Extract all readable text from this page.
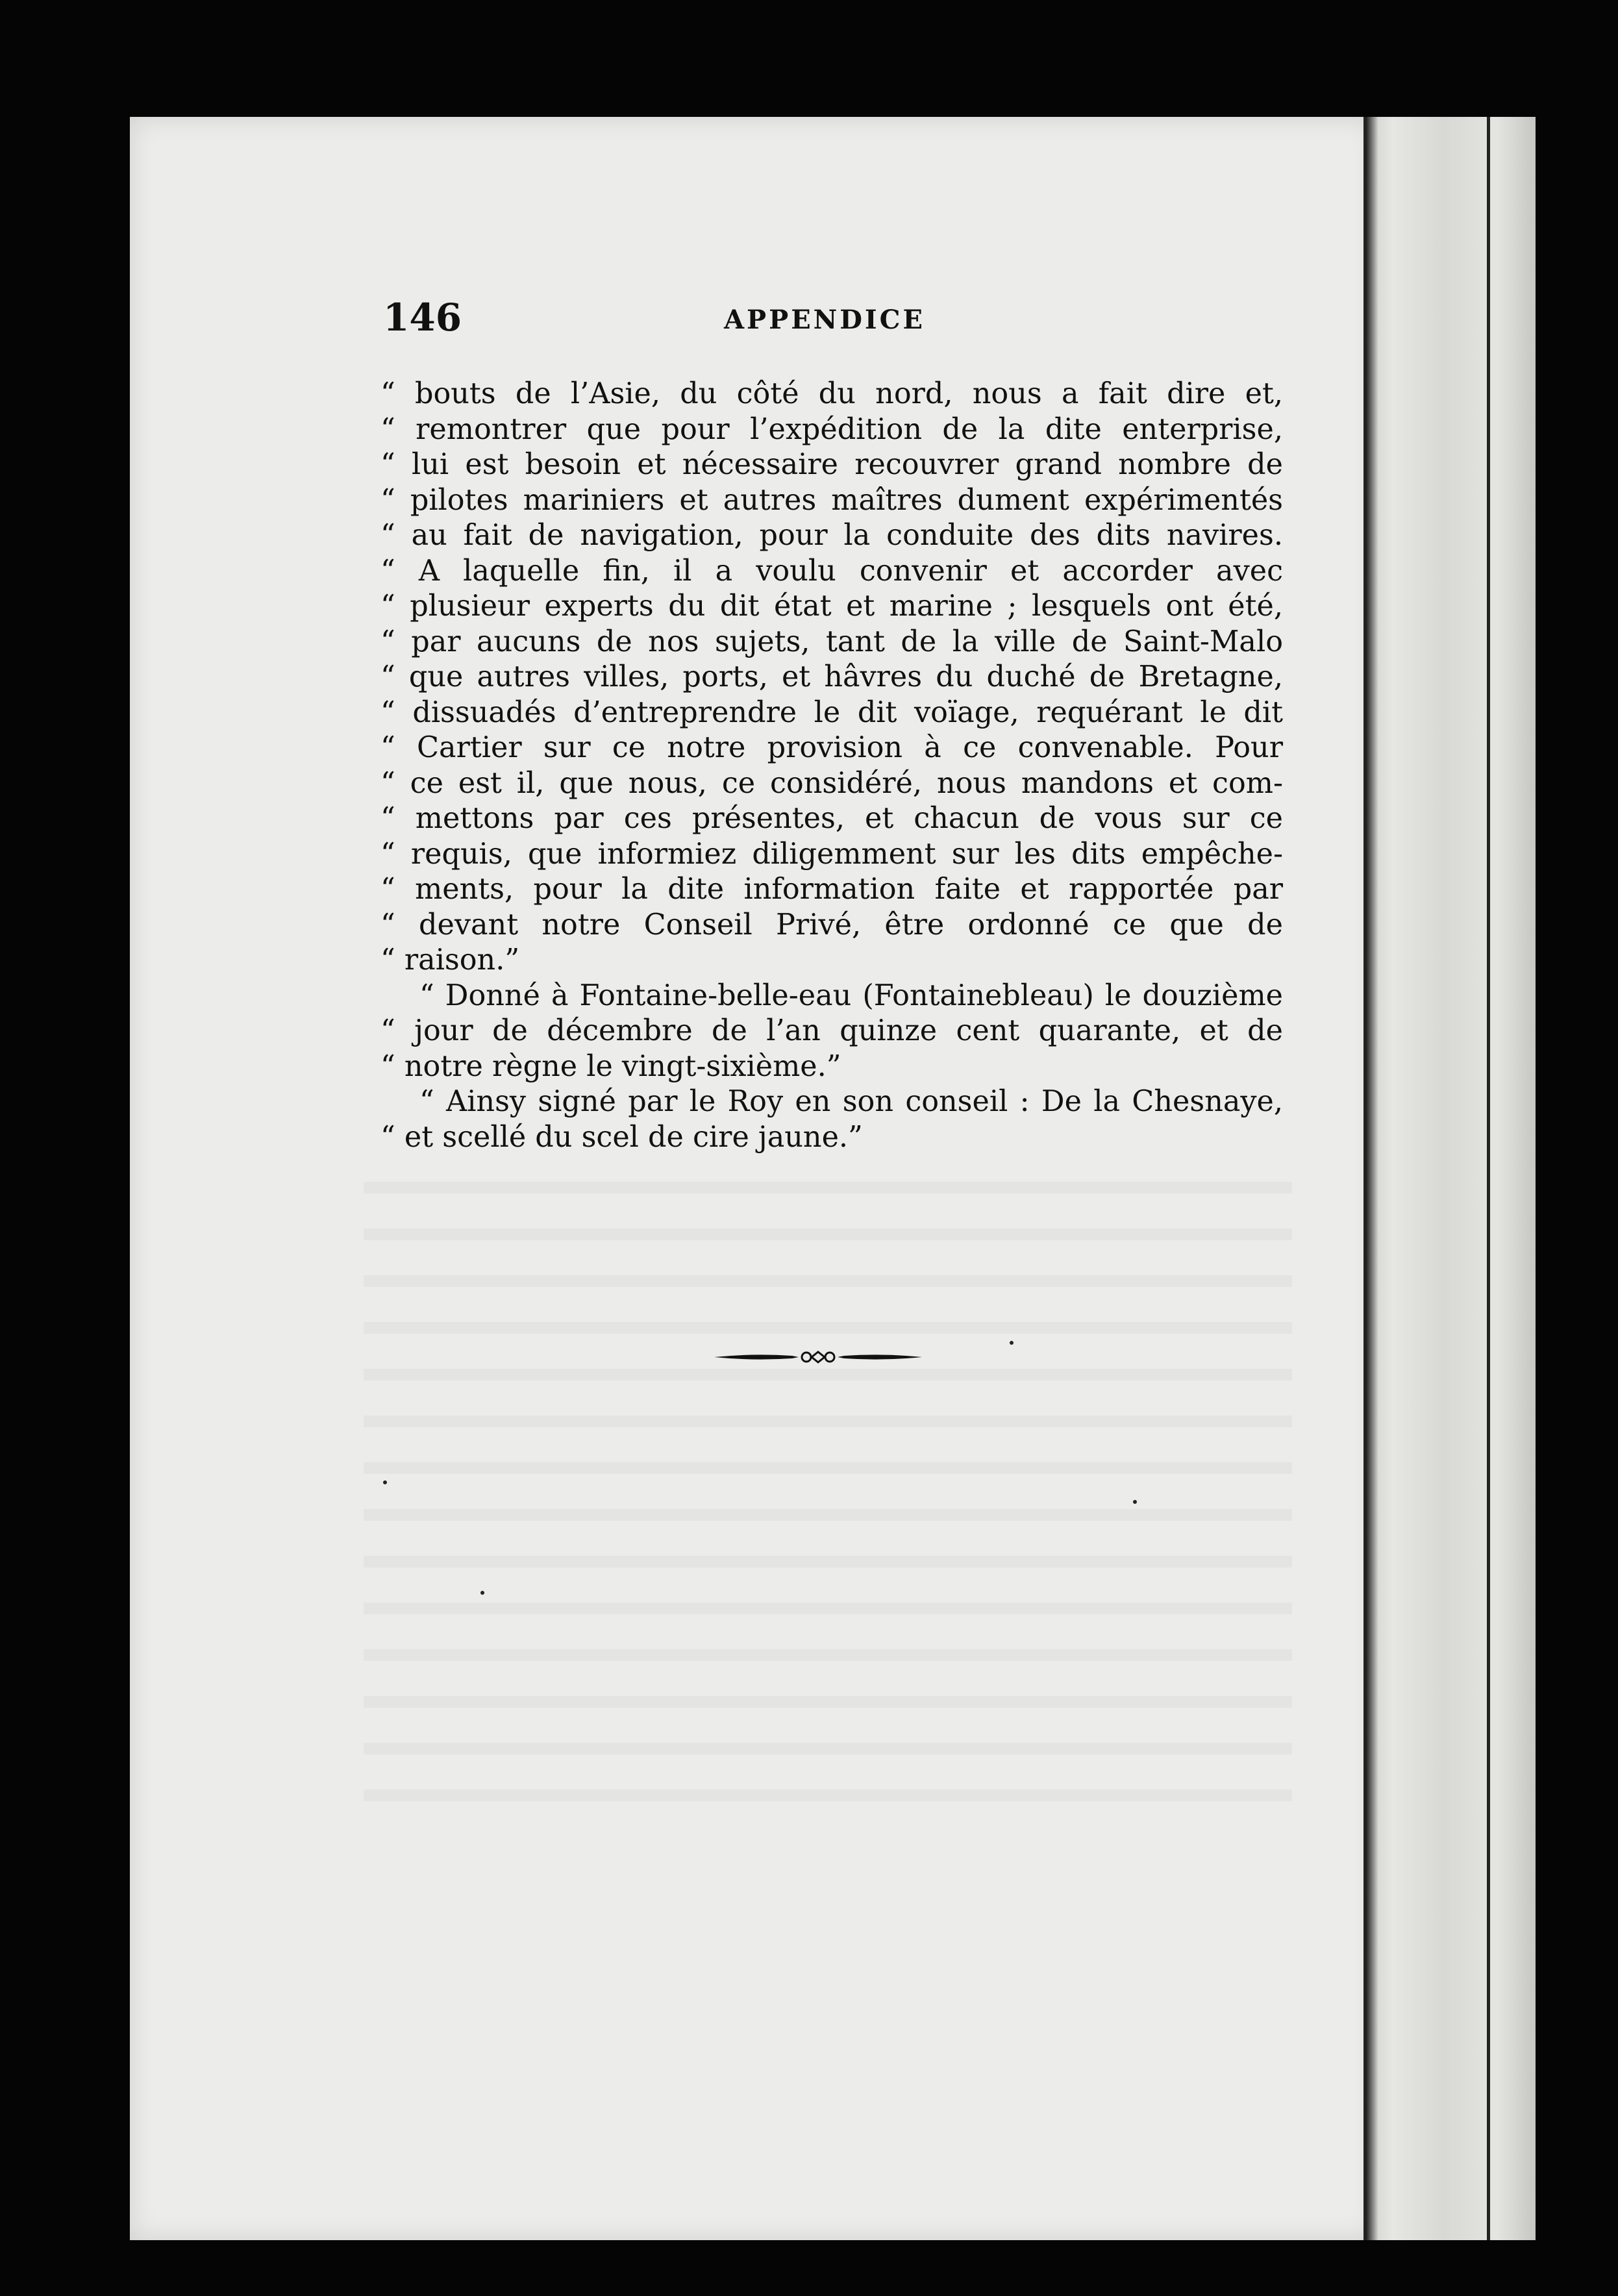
146	APPENDICE
“ bouts de l’Asie, du côté du nord, nous a fait dire et,
“ remontrer que pour l’expédition de la dite enterprise,
“ lui est besoin et nécessaire recouvrer grand nombre de
“ pilotes mariniers et autres maîtres dument expérimentés
“ au fait de navigation, pour la conduite des dits navires.
“ A laquelle fin, il a voulu convenir et accorder avec
“ plusieur experts du dit état et marine ; lesquels ont été,
“ par aucuns de nos sujets, tant de la ville de Saint-Malo
“ que autres villes, ports, et hâvres du duché de Bretagne,
“ dissuadés d’entreprendre le dit voïage, requérant le dit
“ Cartier sur ce notre provision à ce convenable. Pour
“ ce est il, que nous, ce considéré, nous mandons et com-
“ mettons par ces présentes, et chacun de vous sur ce
“ requis, que informiez diligemment sur les dits empêche-
“ ments, pour la dite information faite et rapportée par
“ devant notre Conseil Privé, être ordonné ce que de
“ raison.”
“ Donné à Fontaine-belle-eau (Fontainebleau) le douzième
“ jour de décembre de l’an quinze cent quarante, et de
“ notre règne le vingt-sixième.”
“ Ainsy signé par le Roy en son conseil : De la Chesnaye,
“ et scellé du scel de cire jaune.”
